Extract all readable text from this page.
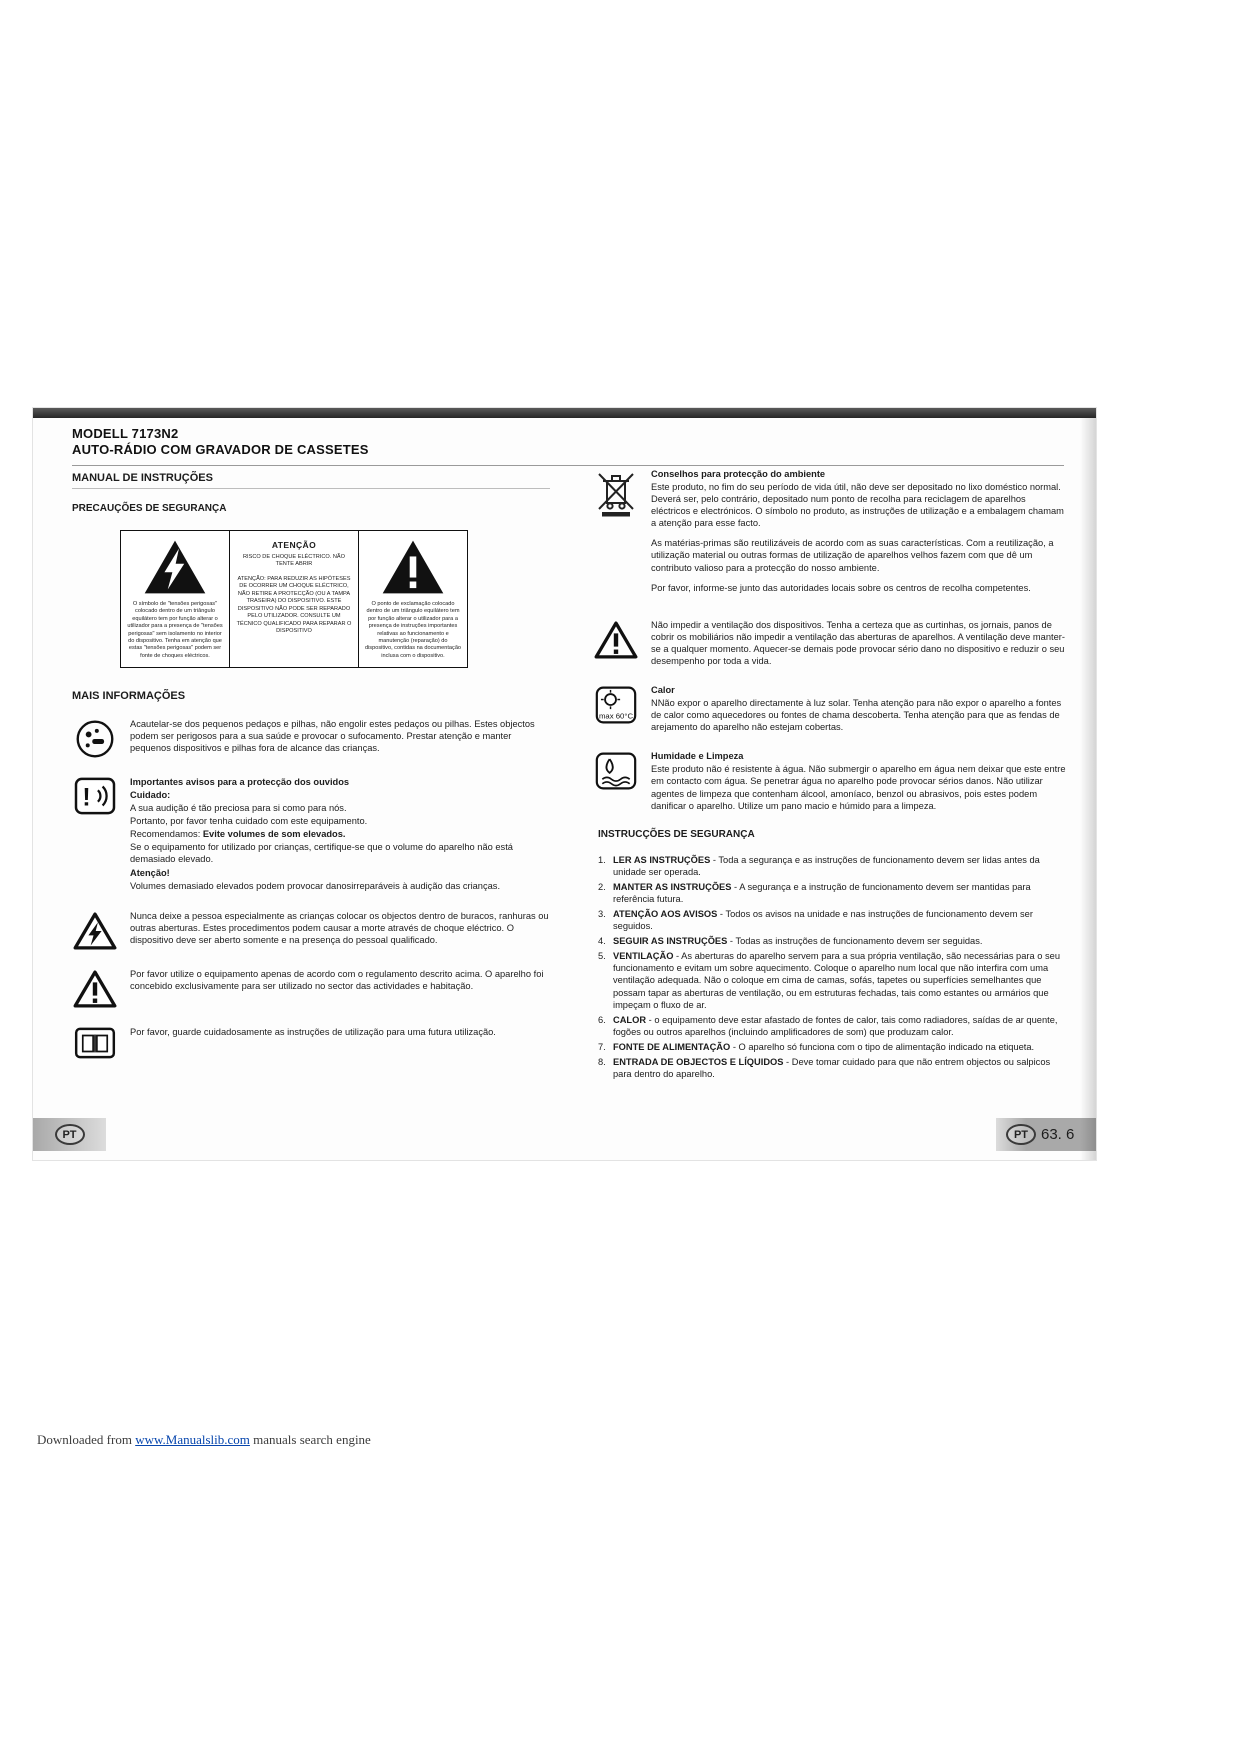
MODELL 7173N2
AUTO-RÁDIO COM GRAVADOR DE CASSETES
MANUAL DE INSTRUÇÕES
PRECAUÇÕES DE SEGURANÇA
O símbolo de "tensões perigosas" colocado dentro de um triângulo equilátero tem por função alterar o utilizador para a presença de "tensões perigosas" sem isolamento no interior do dispositivo. Tenha em atenção que estas "tensões perigosas" podem ser fonte de choques eléctricos.
ATENÇÃO
RISCO DE CHOQUE ELÉCTRICO. NÃO TENTE ABRIR
ATENÇÃO: PARA REDUZIR AS HIPÓTESES DE OCORRER UM CHOQUE ELÉCTRICO, NÃO RETIRE A PROTECÇÃO (OU A TAMPA TRASEIRA) DO DISPOSITIVO. ESTE DISPOSITIVO NÃO PODE SER REPARADO PELO UTILIZADOR. CONSULTE UM TÉCNICO QUALIFICADO PARA REPARAR O DISPOSITIVO
O ponto de exclamação colocado dentro de um triângulo equilátero tem por função alterar o utilizador para a presença de instruções importantes relativas ao funcionamento e manutenção (reparação) do dispositivo, contidas na documentação inclusa com o dispositivo.
MAIS INFORMAÇÕES
Acautelar-se dos pequenos pedaços e pilhas, não engolir estes pedaços ou pilhas. Estes objectos podem ser perigosos para a sua saúde e provocar o sufocamento. Prestar atenção e manter pequenos dispositivos e pilhas fora de alcance das crianças.
!
Importantes avisos para a protecção dos ouvidos
Cuidado:
A sua audição é tão preciosa para si como para nós.
Portanto, por favor tenha cuidado com este equipamento.
Recomendamos: Evite volumes de som elevados.
Se o equipamento for utilizado por crianças, certifique-se que o volume do aparelho não está demasiado elevado.
Atenção!
Volumes demasiado elevados podem provocar danosirreparáveis à audição das crianças.
Nunca deixe a pessoa especialmente as crianças colocar os objectos dentro de buracos, ranhuras ou outras aberturas. Estes procedimentos podem causar a morte através de choque eléctrico. O dispositivo deve ser aberto somente e na presença do pessoal qualificado.
Por favor utilize o equipamento apenas de acordo com o regulamento descrito acima. O aparelho foi concebido exclusivamente para ser utilizado no sector das actividades e habitação.
Por favor, guarde cuidadosamente as instruções de utilização para uma futura utilização.
Conselhos para protecção do ambiente
Este produto, no fim do seu período de vida útil, não deve ser depositado no lixo doméstico normal. Deverá ser, pelo contrário, depositado num ponto de recolha para reciclagem de aparelhos eléctricos e electrónicos. O símbolo no produto, as instruções de utilização e a embalagem chamam a atenção para esse facto.
As matérias-primas são reutilizáveis de acordo com as suas características. Com a reutilização, a utilização material ou outras formas de utilização de aparelhos velhos fazem com que dê um contributo valioso para a protecção do nosso ambiente.
Por favor, informe-se junto das autoridades locais sobre os centros de recolha competentes.
Não impedir a ventilação dos dispositivos. Tenha a certeza que as curtinhas, os jornais, panos de cobrir os mobiliários não impedir a ventilação das aberturas de aparelhos. A ventilação deve manter-se a qualquer momento. Aquecer-se demais pode provocar sério dano no dispositivo e reduzir o seu desempenho por toda a vida.
max 60°C
Calor
NNão expor o aparelho directamente à luz solar. Tenha atenção para não expor o aparelho a fontes de calor como aquecedores ou fontes de chama descoberta. Tenha atenção para que as fendas de arejamento do aparelho não estejam cobertas.
Humidade e Limpeza
Este produto não é resistente à água. Não submergir o aparelho em água nem deixar que este entre em contacto com água. Se penetrar água no aparelho pode provocar sérios danos. Não utilizar agentes de limpeza que contenham álcool, amoníaco, benzol ou abrasivos, pois estes podem danificar o aparelho. Utilize um pano macio e húmido para a limpeza.
INSTRUCÇÕES DE SEGURANÇA
1. LER AS INSTRUÇÕES - Toda a segurança e as instruções de funcionamento devem ser lidas antes da unidade ser operada.
2. MANTER AS INSTRUÇÕES - A segurança e a instrução de funcionamento devem ser mantidas para referência futura.
3. ATENÇÃO AOS AVISOS - Todos os avisos na unidade e nas instruções de funcionamento devem ser seguidos.
4. SEGUIR AS INSTRUÇÕES - Todas as instruções de funcionamento devem ser seguidas.
5. VENTILAÇÃO - As aberturas do aparelho servem para a sua própria ventilação, são necessárias para o seu funcionamento e evitam um sobre aquecimento. Coloque o aparelho num local que não interfira com uma ventilação adequada. Não o coloque em cima de camas, sofás, tapetes ou superfícies semelhantes que possam tapar as aberturas de ventilação, ou em estruturas fechadas, tais como estantes ou armários que impeçam o fluxo de ar.
6. CALOR - o equipamento deve estar afastado de fontes de calor, tais como radiadores, saídas de ar quente, fogões ou outros aparelhos (incluindo amplificadores de som) que produzam calor.
7. FONTE DE ALIMENTAÇÃO - O aparelho só funciona com o tipo de alimentação indicado na etiqueta.
8. ENTRADA DE OBJECTOS E LÍQUIDOS - Deve tomar cuidado para que não entrem objectos ou salpicos para dentro do aparelho.
PT	PT 63. 6
Downloaded from www.Manualslib.com manuals search engine
